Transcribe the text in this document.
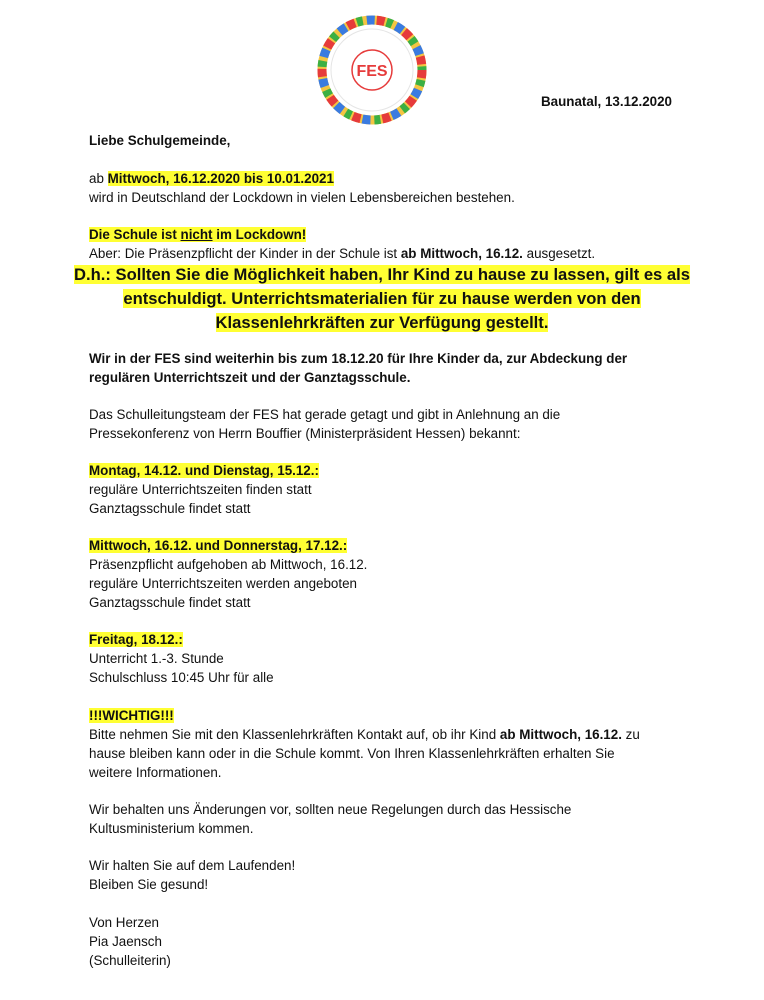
FES
Baunatal, 13.12.2020
Liebe Schulgemeinde,
ab Mittwoch, 16.12.2020 bis 10.01.2021
wird in Deutschland der Lockdown in vielen Lebensbereichen bestehen.
Die Schule ist nicht im Lockdown!
Aber: Die Präsenzpflicht der Kinder in der Schule ist ab Mittwoch, 16.12. ausgesetzt.
D.h.: Sollten Sie die Möglichkeit haben, Ihr Kind zu hause zu lassen, gilt es als
entschuldigt. Unterrichtsmaterialien für zu hause werden von den
Klassenlehrkräften zur Verfügung gestellt.
Wir in der FES sind weiterhin bis zum 18.12.20 für Ihre Kinder da, zur Abdeckung der
regulären Unterrichtszeit und der Ganztagsschule.
Das Schulleitungsteam der FES hat gerade getagt und gibt in Anlehnung an die
Pressekonferenz von Herrn Bouffier (Ministerpräsident Hessen) bekannt:
Montag, 14.12. und Dienstag, 15.12.:
reguläre Unterrichtszeiten finden statt
Ganztagsschule findet statt
Mittwoch, 16.12. und Donnerstag, 17.12.:
Präsenzpflicht aufgehoben ab Mittwoch, 16.12.
reguläre Unterrichtszeiten werden angeboten
Ganztagsschule findet statt
Freitag, 18.12.:
Unterricht 1.-3. Stunde
Schulschluss 10:45 Uhr für alle
!!!WICHTIG!!!
Bitte nehmen Sie mit den Klassenlehrkräften Kontakt auf, ob ihr Kind ab Mittwoch, 16.12. zu
hause bleiben kann oder in die Schule kommt. Von Ihren Klassenlehrkräften erhalten Sie
weitere Informationen.
Wir behalten uns Änderungen vor, sollten neue Regelungen durch das Hessische
Kultusministerium kommen.
Wir halten Sie auf dem Laufenden!
Bleiben Sie gesund!
Von Herzen
Pia Jaensch
(Schulleiterin)
